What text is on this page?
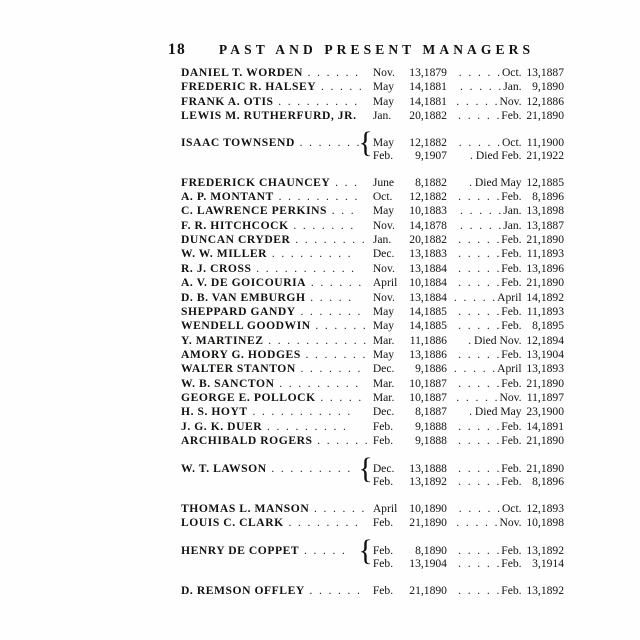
18 PAST AND PRESENT MANAGERS
DANIEL T. WORDEN . . . . . .		Nov.	13,	1879	. . . . .Oct.	13,	1887
FREDERIC R. HALSEY . . . . .		May	14,	1881	. . . . .Jan.	9,	1890
FRANK A. OTIS . . . . . . . . .		May	14,	1881	. . . . .Nov.	12,	1886
LEWIS M. RUTHERFURD, JR.		Jan.	20,	1882	. . . . .Feb.	21,	1890

ISAAC TOWNSEND . . . . . . .	{	May	12,	1882	. . . . .Oct.	11,	1900
		Feb.	9,	1907	.Died Feb.	21,	1922

FREDERICK CHAUNCEY . . .		June	8,	1882	.Died May	12,	1885
A. P. MONTANT . . . . . . . . .		Oct.	12,	1882	. . . . .Feb.	8,	1896
C. LAWRENCE PERKINS . . .		May	10,	1883	. . . . .Jan.	13,	1898
F. R. HITCHCOCK . . . . . . .		Nov.	14,	1878	. . . . .Jan.	13,	1887
DUNCAN CRYDER . . . . . . . .		Jan.	20,	1882	. . . . .Feb.	21,	1890
W. W. MILLER . . . . . . . . .		Dec.	13,	1883	. . . . .Feb.	11,	1893
R. J. CROSS . . . . . . . . . . .		Nov.	13,	1884	. . . . .Feb.	13,	1896
A. V. DE GOICOURIA . . . . . .		April	10,	1884	. . . . .Feb.	21,	1890
D. B. VAN EMBURGH . . . . .		Nov.	13,	1884	. . . . .April	14,	1892
SHEPPARD GANDY . . . . . . .		May	14,	1885	. . . . .Feb.	11,	1893
WENDELL GOODWIN . . . . . .		May	14,	1885	. . . . .Feb.	8,	1895
Y. MARTINEZ . . . . . . . . . . .		Mar.	11,	1886	.Died Nov.	12,	1894
AMORY G. HODGES . . . . . . .		May	13,	1886	. . . . .Feb.	13,	1904
WALTER STANTON . . . . . . .		Dec.	9,	1886	. . . . .April	13,	1893
W. B. SANCTON . . . . . . . . .		Mar.	10,	1887	. . . . .Feb.	21,	1890
GEORGE E. POLLOCK . . . . .		Mar.	10,	1887	. . . . .Nov.	11,	1897
H. S. HOYT . . . . . . . . . . .		Dec.	8,	1887	.Died May	23,	1900
J. G. K. DUER . . . . . . . . .		Feb.	9,	1888	. . . . .Feb.	14,	1891
ARCHIBALD ROGERS . . . . . .		Feb.	9,	1888	. . . . .Feb.	21,	1890

W. T. LAWSON . . . . . . . . .	{	Dec.	13,	1888	. . . . .Feb.	21,	1890
		Feb.	13,	1892	. . . . .Feb.	8,	1896

THOMAS L. MANSON . . . . . .		April	10,	1890	. . . . .Oct.	12,	1893
LOUIS C. CLARK . . . . . . . .		Feb.	21,	1890	. . . . .Nov.	10,	1898

HENRY DE COPPET . . . . .	{	Feb.	8,	1890	. . . . .Feb.	13,	1892
		Feb.	13,	1904	. . . . .Feb.	3,	1914

D. REMSON OFFLEY . . . . . .		Feb.	21,	1890	. . . . .Feb.	13,	1892
